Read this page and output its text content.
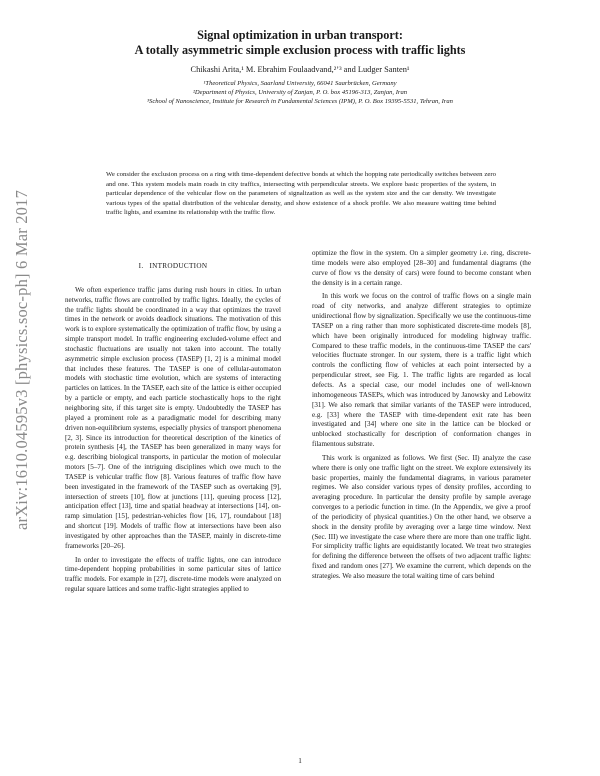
arXiv:1610.04595v3 [physics.soc-ph] 6 Mar 2017
Signal optimization in urban transport:
A totally asymmetric simple exclusion process with traffic lights
Chikashi Arita,¹ M. Ebrahim Foulaadvand,²ʼ³ and Ludger Santen¹
¹Theoretical Physics, Saarland University, 66041 Saarbrücken, Germany
²Department of Physics, University of Zanjan, P. O. box 45196-313, Zanjan, Iran
³School of Nanoscience, Institute for Research in Fundamental Sciences (IPM), P. O. Box 19395-5531, Tehran, Iran

We consider the exclusion process on a ring with time-dependent defective bonds at which the hopping rate periodically switches between zero and one. This system models main roads in city traffics, intersecting with perpendicular streets. We explore basic properties of the system, in particular dependence of the vehicular flow on the parameters of signalization as well as the system size and the car density. We investigate various types of the spatial distribution of the vehicular density, and show existence of a shock profile. We also measure waiting time behind traffic lights, and examine its relationship with the traffic flow.

I. INTRODUCTION

We often experience traffic jams during rush hours in cities. In urban networks, traffic flows are controlled by traffic lights. Ideally, the cycles of the traffic lights should be coordinated in a way that optimizes the travel times in the network or avoids deadlock situations. The motivation of this work is to explore systematically the optimization of traffic flow, by using a simple transport model. In traffic engineering excluded-volume effect and stochastic fluctuations are usually not taken into account. The totally asymmetric simple exclusion process (TASEP) [1, 2] is a minimal model that includes these features. The TASEP is one of cellular-automaton models with stochastic time evolution, which are systems of interacting particles on lattices. In the TASEP, each site of the lattice is either occupied by a particle or empty, and each particle stochastically hops to the right neighboring site, if this target site is empty. Undoubtedly the TASEP has played a prominent role as a paradigmatic model for describing many driven non-equilibrium systems, especially physics of transport phenomena [2, 3]. Since its introduction for theoretical description of the kinetics of protein synthesis [4], the TASEP has been generalized in many ways for e.g. describing biological transports, in particular the motion of molecular motors [5–7]. One of the intriguing disciplines which owe much to the TASEP is vehicular traffic flow [8]. Various features of traffic flow have been investigated in the framework of the TASEP such as overtaking [9], intersection of streets [10], flow at junctions [11], queuing process [12], anticipation effect [13], time and spatial headway at intersections [14], on-ramp simulation [15], pedestrian-vehicles flow [16, 17], roundabout [18] and shortcut [19]. Models of traffic flow at intersections have been also investigated by other approaches than the TASEP, mainly in discrete-time frameworks [20–26].

In order to investigate the effects of traffic lights, one can introduce time-dependent hopping probabilities in some particular sites of lattice traffic models. For example in [27], discrete-time models were analyzed on regular square lattices and some traffic-light strategies applied to

optimize the flow in the system. On a simpler geometry i.e. ring, discrete-time models were also employed [28–30] and fundamental diagrams (the curve of flow vs the density of cars) were found to become constant when the density is in a certain range.

In this work we focus on the control of traffic flows on a single main road of city networks, and analyze different strategies to optimize unidirectional flow by signalization. Specifically we use the continuous-time TASEP on a ring rather than more sophisticated discrete-time models [8], which have been originally introduced for modeling highway traffic. Compared to these traffic models, in the continuous-time TASEP the cars' velocities fluctuate stronger. In our system, there is a traffic light which controls the conflicting flow of vehicles at each point intersected by a perpendicular street, see Fig. 1. The traffic lights are regarded as local defects. As a special case, our model includes one of well-known inhomogeneous TASEPs, which was introduced by Janowsky and Lebowitz [31]. We also remark that similar variants of the TASEP were introduced, e.g. [33] where the TASEP with time-dependent exit rate has been investigated and [34] where one site in the lattice can be blocked or unblocked stochastically for description of conformation changes in filamentous substrate.

This work is organized as follows. We first (Sec. II) analyze the case where there is only one traffic light on the street. We explore extensively its basic properties, mainly the fundamental diagrams, in various parameter regimes. We also consider various types of density profiles, according to averaging procedure. In particular the density profile by sample average converges to a periodic function in time. (In the Appendix, we give a proof of the periodicity of physical quantities.) On the other hand, we observe a shock in the density profile by averaging over a large time window. Next (Sec. III) we investigate the case where there are more than one traffic light. For simplicity traffic lights are equidistantly located. We treat two strategies for defining the difference between the offsets of two adjacent traffic lights: fixed and random ones [27]. We examine the current, which depends on the strategies. We also measure the total waiting time of cars behind

1
